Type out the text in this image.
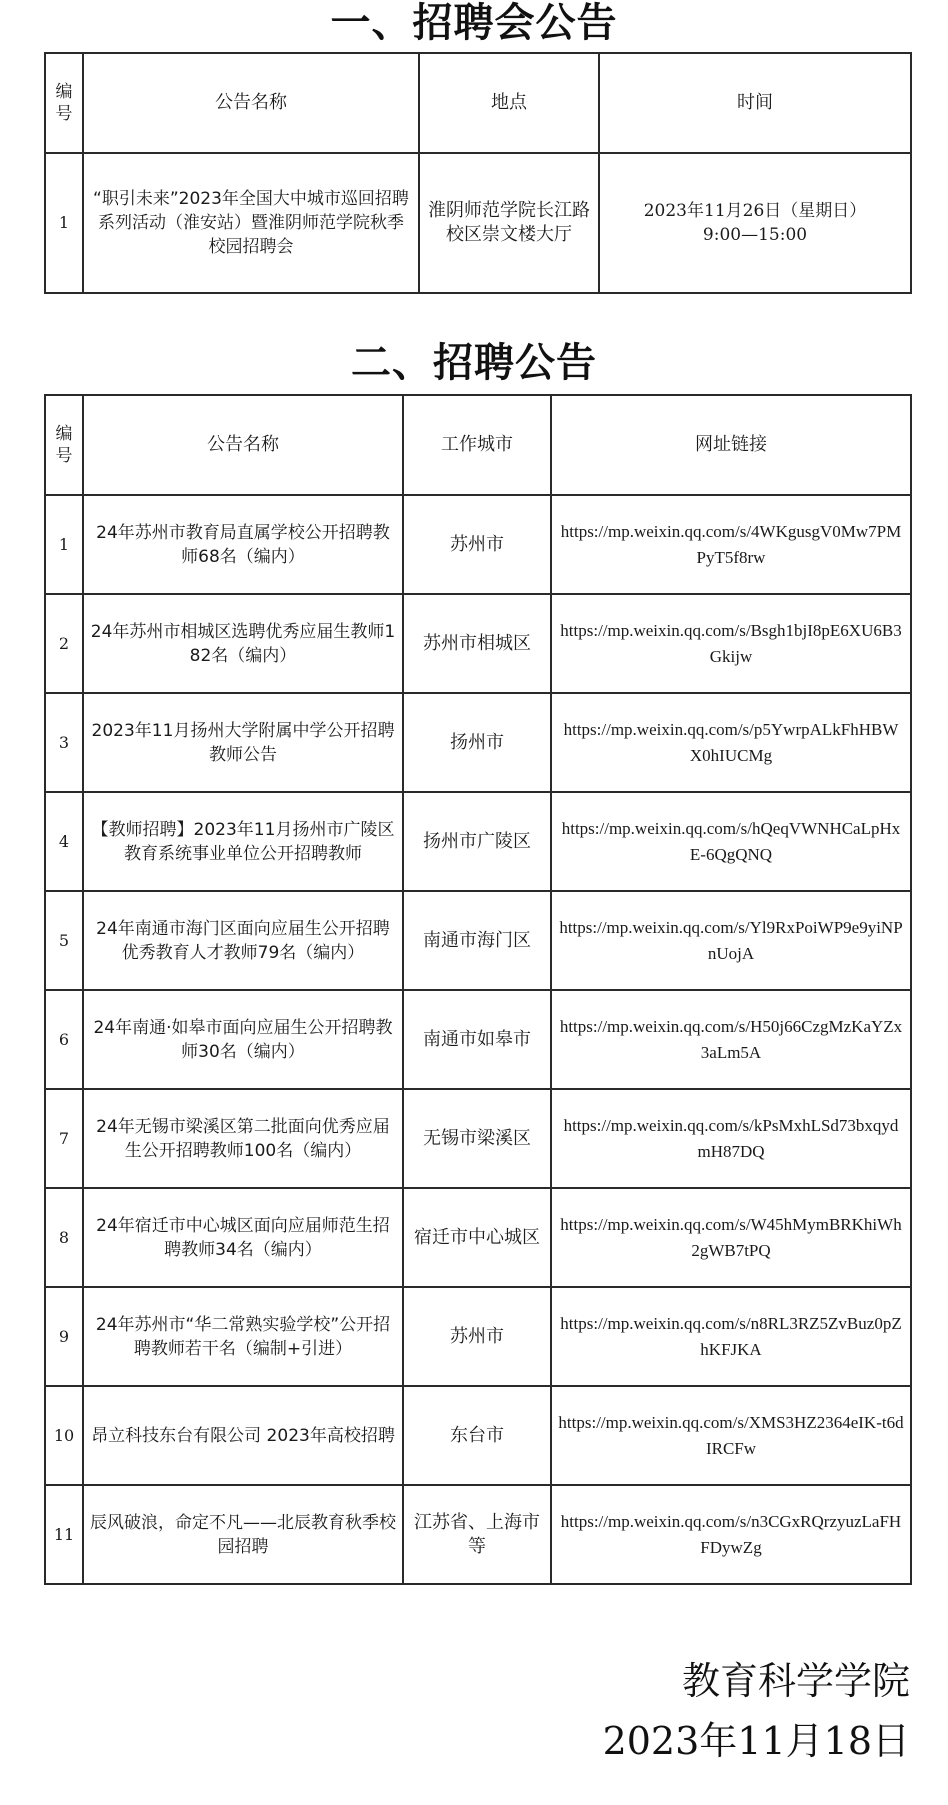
一、招聘会公告
编号	公告名称	地点	时间
1	“职引未来”2023年全国大中城市巡回招聘系列活动（淮安站）暨淮阴师范学院秋季校园招聘会	淮阴师范学院长江路校区崇文楼大厅	2023年11月26日（星期日）
9:00—15:00
二、招聘公告
编号	公告名称	工作城市	网址链接
1	24年苏州市教育局直属学校公开招聘教师68名（编内）	苏州市	https://mp.weixin.qq.com/s/4WKgusgV0Mw7PMPyT5f8rw
2	24年苏州市相城区选聘优秀应届生教师182名（编内）	苏州市相城区	https://mp.weixin.qq.com/s/Bsgh1bjI8pE6XU6B3Gkijw
3	2023年11月扬州大学附属中学公开招聘教师公告	扬州市	https://mp.weixin.qq.com/s/p5YwrpALkFhHBWX0hIUCMg
4	【教师招聘】2023年11月扬州市广陵区教育系统事业单位公开招聘教师	扬州市广陵区	https://mp.weixin.qq.com/s/hQeqVWNHCaLpHxE-6QgQNQ
5	24年南通市海门区面向应届生公开招聘优秀教育人才教师79名（编内）	南通市海门区	https://mp.weixin.qq.com/s/Yl9RxPoiWP9e9yiNPnUojA
6	24年南通·如皋市面向应届生公开招聘教师30名（编内）	南通市如皋市	https://mp.weixin.qq.com/s/H50j66CzgMzKaYZx3aLm5A
7	24年无锡市梁溪区第二批面向优秀应届生公开招聘教师100名（编内）	无锡市梁溪区	https://mp.weixin.qq.com/s/kPsMxhLSd73bxqydmH87DQ
8	24年宿迁市中心城区面向应届师范生招聘教师34名（编内）	宿迁市中心城区	https://mp.weixin.qq.com/s/W45hMymBRKhiWh2gWB7tPQ
9	24年苏州市“华二常熟实验学校”公开招聘教师若干名（编制+引进）	苏州市	https://mp.weixin.qq.com/s/n8RL3RZ5ZvBuz0pZhKFJKA
10	昂立科技东台有限公司 2023年高校招聘	东台市	https://mp.weixin.qq.com/s/XMS3HZ2364eIK-t6dIRCFw
11	辰风破浪，命定不凡——北辰教育秋季校园招聘	江苏省、上海市等	https://mp.weixin.qq.com/s/n3CGxRQrzyuzLaFHFDywZg
教育科学学院
2023年11月18日
